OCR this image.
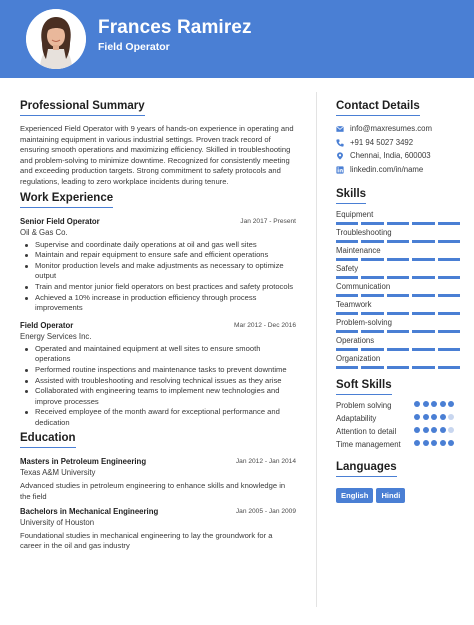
Frances Ramirez
Field Operator
Professional Summary

Experienced Field Operator with 9 years of hands-on experience in operating and maintaining equipment in various industrial settings. Proven track record of ensuring smooth operations and maximizing efficiency. Skilled in troubleshooting and problem-solving to minimize downtime. Recognized for consistently meeting and exceeding production targets. Strong commitment to safety protocols and regulations, leading to zero workplace incidents during tenure.

Work Experience
Senior Field Operator	Jan 2017 - Present
Oil & Gas Co.
Supervise and coordinate daily operations at oil and gas well sites
Maintain and repair equipment to ensure safe and efficient operations
Monitor production levels and make adjustments as necessary to optimize output
Train and mentor junior field operators on best practices and safety protocols
Achieved a 10% increase in production efficiency through process improvements
Field Operator	Mar 2012 - Dec 2016
Energy Services Inc.
Operated and maintained equipment at well sites to ensure smooth operations
Performed routine inspections and maintenance tasks to prevent downtime
Assisted with troubleshooting and resolving technical issues as they arise
Collaborated with engineering teams to implement new technologies and improve processes
Received employee of the month award for exceptional performance and dedication
Education
Masters in Petroleum Engineering	Jan 2012 - Jan 2014
Texas A&M University

Advanced studies in petroleum engineering to enhance skills and knowledge in the field

Bachelors in Mechanical Engineering	Jan 2005 - Jan 2009
University of Houston

Foundational studies in mechanical engineering to lay the groundwork for a career in the oil and gas industry

Contact Details
info@maxresumes.com
+91 94 5027 3492
Chennai, India, 600003
linkedin.com/in/name
Skills
Equipment
Troubleshooting
Maintenance
Safety
Communication
Teamwork
Problem-solving
Operations
Organization
Soft Skills
Problem solving
Adaptability
Attention to detail
Time management
Languages
English Hindi
